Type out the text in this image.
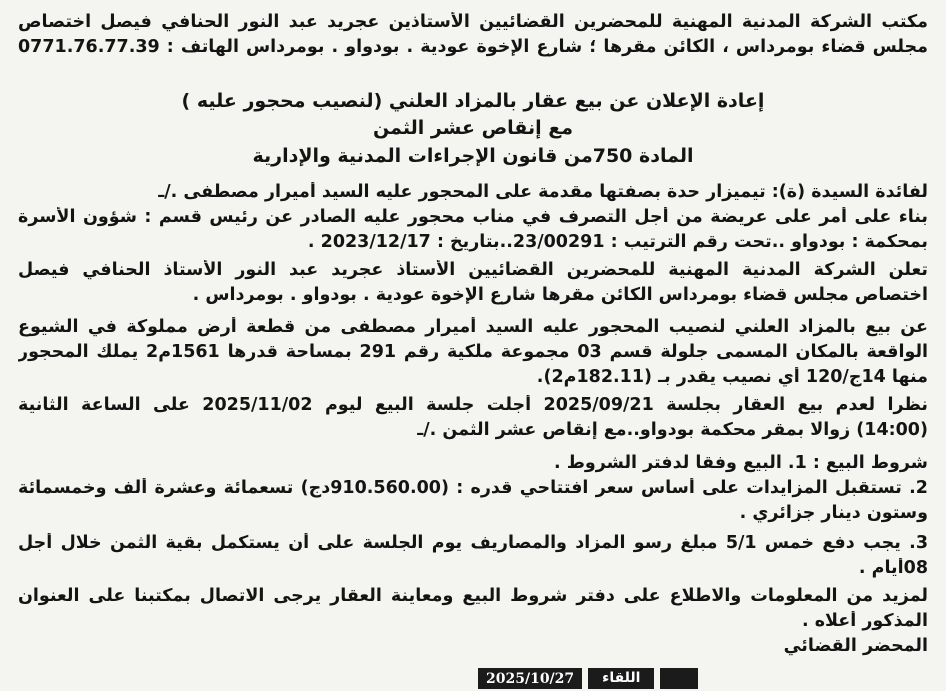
مكتب الشركة المدنية المهنية للمحضرين القضائيين الأستاذين عجريد عبد النور الحنافي فيصل اختصاص
مجلس قضاء بومرداس ، الكائن مقرها ؛ شارع الإخوة عودية . بودواو . بومرداس الهاتف : 0771.76.77.39
إعادة الإعلان عن بيع عقار بالمزاد العلني (لنصيب محجور عليه )
مع إنقاص عشر الثمن
المادة 750من قانون الإجراءات المدنية والإدارية
لفائدة السيدة (ة): تيميزار حدة بصفتها مقدمة على المحجور عليه السيد أميرار مصطفى ./ـ
بناء على أمر على عريضة من أجل التصرف في مناب محجور عليه الصادر عن رئيس قسم : شؤون الأسرة
بمحكمة : بودواو ..تحت رقم الترتيب : 23/00291..بتاريخ : 2023/12/17 .
تعلن الشركة المدنية المهنية للمحضرين القضائيين الأستاذ عجريد عبد النور الأستاذ الحنافي فيصل
اختصاص مجلس قضاء بومرداس الكائن مقرها شارع الإخوة عودية . بودواو . بومرداس .
عن بيع بالمزاد العلني لنصيب المحجور عليه السيد أميرار مصطفى من قطعة أرض مملوكة في الشيوع
الواقعة بالمكان المسمى جلولة قسم 03 مجموعة ملكية رقم 291 بمساحة قدرها 1561م2 يملك المحجور
منها 14ج/120 أي نصيب يقدر بـ (182.11م2).
نظرا لعدم بيع العقار بجلسة 2025/09/21 أجلت جلسة البيع ليوم 2025/11/02 على الساعة الثانية
(14:00) زوالا بمقر محكمة بودواو..مع إنقاص عشر الثمن ./ـ
شروط البيع : 1. البيع وفقا لدفتر الشروط .
2. تستقبل المزايدات على أساس سعر افتتاحي قدره : (910.560.00دج) تسعمائة وعشرة ألف وخمسمائة
وستون دينار جزائري .
3. يجب دفع خمس 5/1 مبلغ رسو المزاد والمصاريف يوم الجلسة على أن يستكمل بقية الثمن خلال أجل
08أيام .
لمزيد من المعلومات والاطلاع على دفتر شروط البيع ومعاينة العقار يرجى الاتصال بمكتبنا على العنوان
المذكور أعلاه .
المحضر القضائي
2025/10/27	اللقاء
